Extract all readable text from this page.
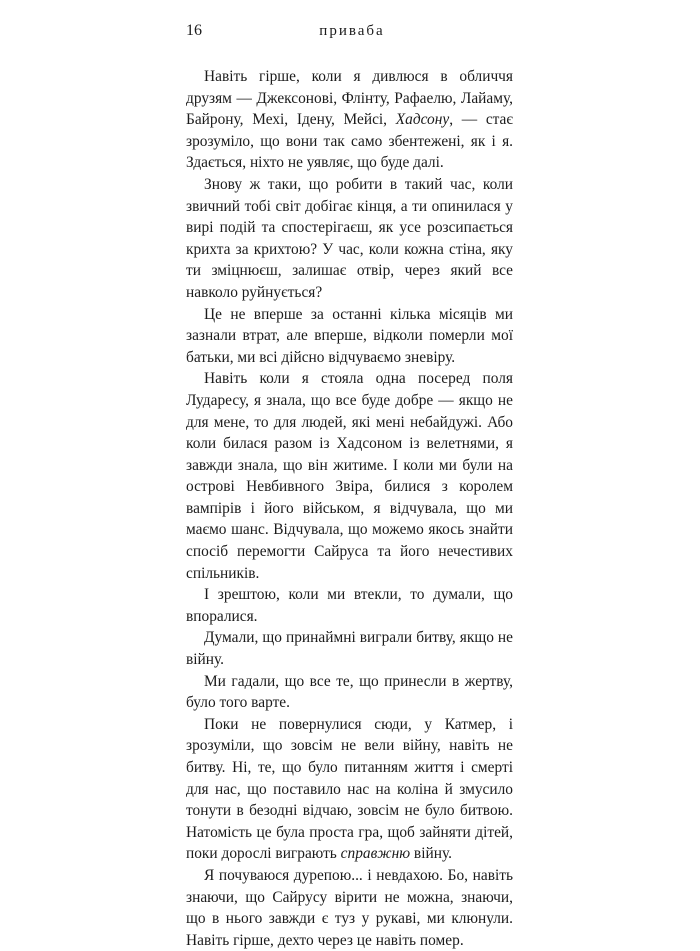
16	приваба

Навіть гірше, коли я дивлюся в обличчя друзям — Джексонові, Флінту, Рафаелю, Лайаму, Байрону, Мехі, Ідену, Мейсі, Хадсону, — стає зрозуміло, що вони так само збентежені, як і я. Здається, ніхто не уявляє, що буде далі.

Знову ж таки, що робити в такий час, коли звичний тобі світ добігає кінця, а ти опинилася у вирі подій та спостерігаєш, як усе розсипається крихта за крихтою? У час, коли кожна стіна, яку ти зміцнюєш, залишає отвір, через який все навколо руйнується?

Це не вперше за останні кілька місяців ми зазнали втрат, але вперше, відколи померли мої батьки, ми всі дійсно відчуваємо зневіру.

Навіть коли я стояла одна посеред поля Лударесу, я знала, що все буде добре — якщо не для мене, то для людей, які мені небайдужі. Або коли билася разом із Хадсоном із велетнями, я завжди знала, що він житиме. І коли ми були на острові Невбивного Звіра, билися з королем вампірів і його військом, я відчувала, що ми маємо шанс. Відчувала, що можемо якось знайти спосіб перемогти Сайруса та його нечестивих спільників.

І зрештою, коли ми втекли, то думали, що впоралися.

Думали, що принаймні виграли битву, якщо не війну.

Ми гадали, що все те, що принесли в жертву, було того варте.

Поки не повернулися сюди, у Катмер, і зрозуміли, що зовсім не вели війну, навіть не битву. Ні, те, що було питанням життя і смерті для нас, що поставило нас на коліна й змусило тонути в безодні відчаю, зовсім не було битвою. Натомість це була проста гра, щоб зайняти дітей, поки дорослі виграють справжню війну.

Я почуваюся дурепою... і невдахою. Бо, навіть знаючи, що Сайрусу вірити не можна, знаючи, що в нього завжди є туз у рукаві, ми клюнули. Навіть гірше, дехто через це навіть помер.
